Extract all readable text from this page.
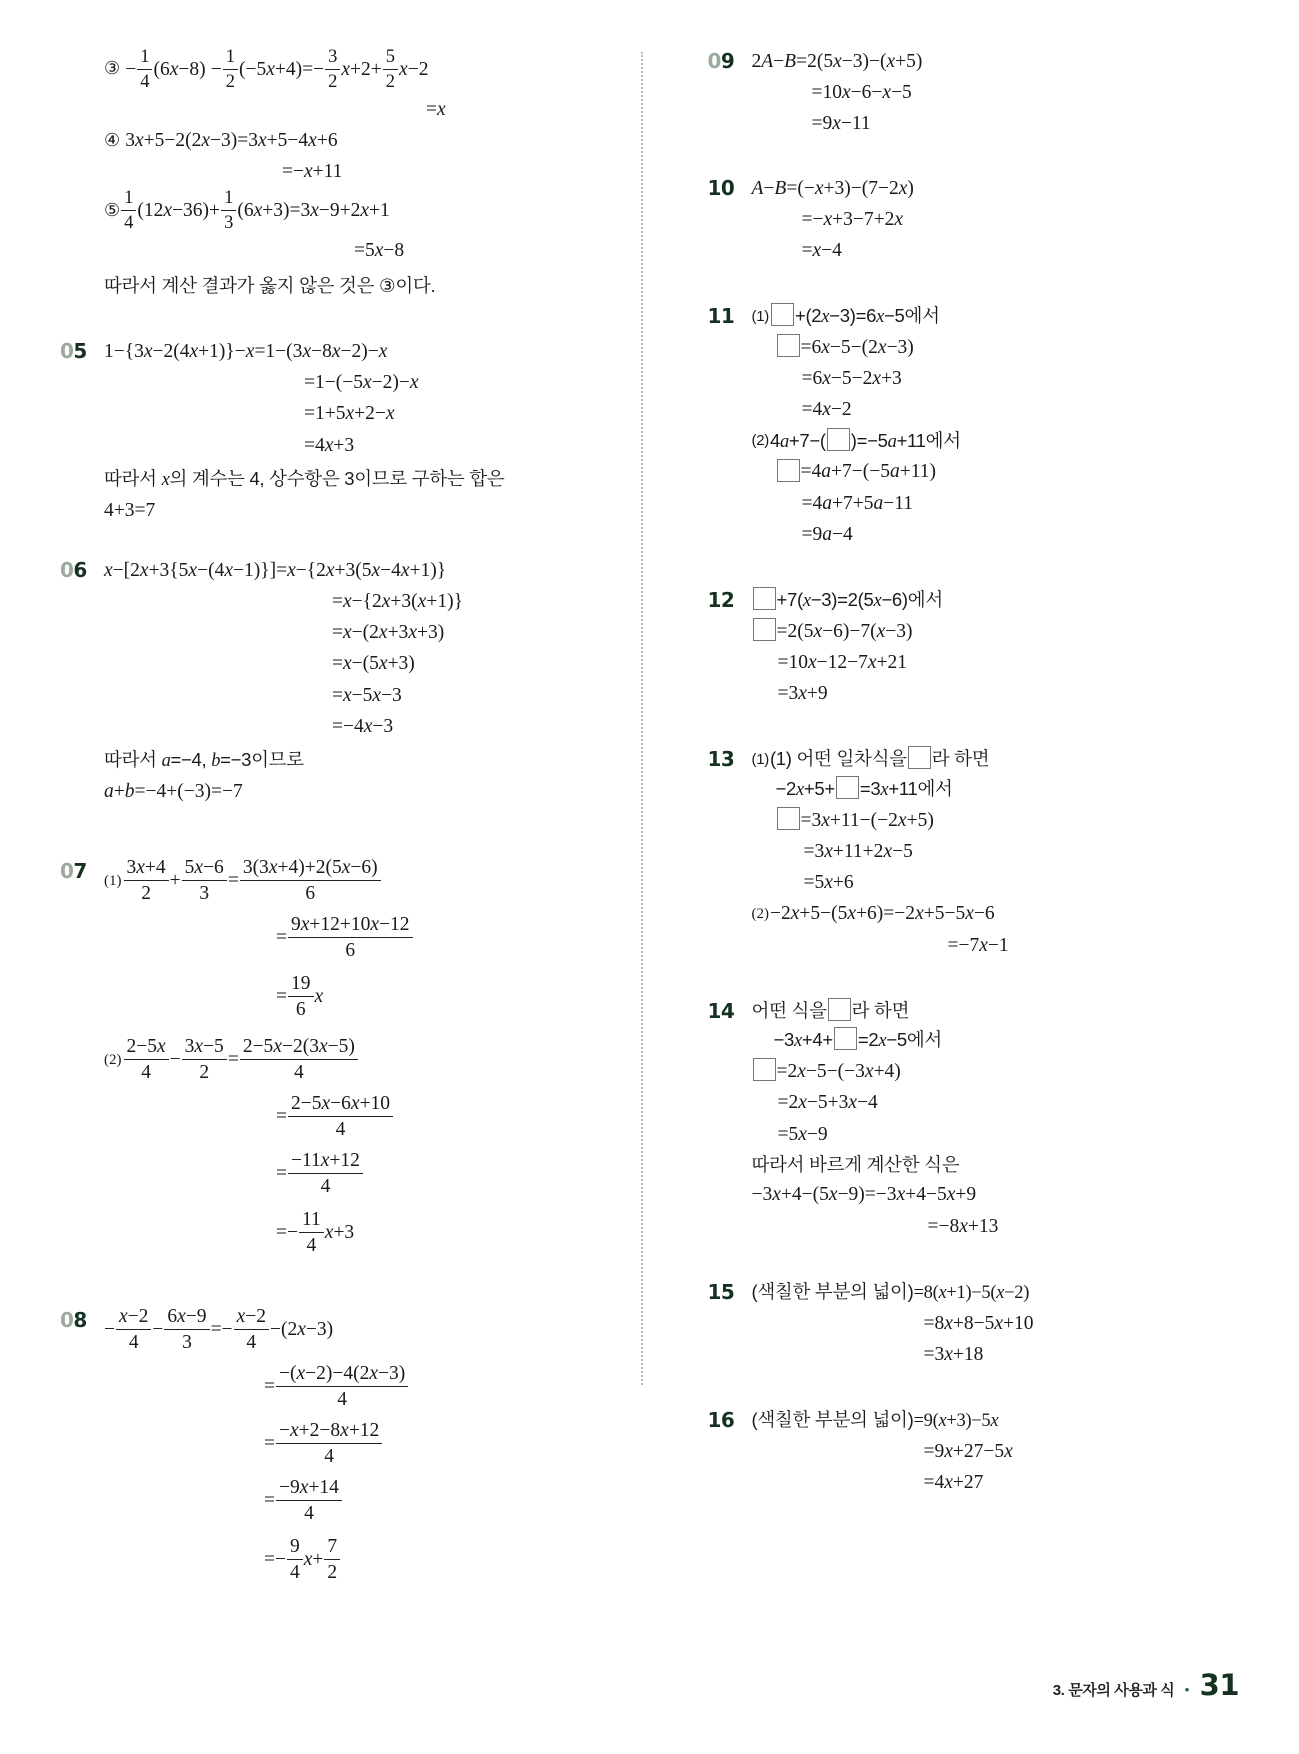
③ − $\frac{1}{4} (6x-8) - \frac{1}{2} (-5x+4)=- \frac{3}{2} x+2+ \frac{5}{2} x-2$
=x
④ 3x+5−2(2x−3)=3x+5−4x+6
=−x+11
⑤ $\frac{1}{4} (12x-36)+ \frac{1}{3} (6x+3)=3x-9+2x+1$
=5x−8
따라서 계산 결과가 옳지 않은 것은 ③이다.
05 1−{3x−2(4x+1)}−x=1−(3x−8x−2)−x
=1−(−5x−2)−x
=1+5x+2−x
=4x+3
따라서 x의 계수는 4, 상수항은 3이므로 구하는 합은
4+3=7
06 x−[2x+3{5x−(4x−1)}]=x−{2x+3(5x−4x+1)}
=x−{2x+3(x+1)}
=x−(2x+3x+3)
=x−(5x+3)
=x−5x−3
=−4x−3
따라서 a=−4, b=−3이므로
a+b=−4+(−3)=−7
07	$(1) \frac{3x+4}{2} + \frac{5x-6}{3} = \frac{3(3x+4)+2(5x-6)}{6}$
= $\frac{9x+12+10x-12}{6}$
= $\frac{19}{6}$ x
$(2) \frac{2-5x}{4} - \frac{3x-5}{2} = \frac{2-5x-2(3x-5)}{4}$
= $\frac{2-5x-6x+10}{4}$
= $\frac{-11x+12}{4}$
=− $\frac{11}{4} x+3$
$08 - \frac{x-2}{4} - \frac{6x-9}{3} =- \frac{x-2}{4} -(2x-3)$
= $\frac{-(x-2)-4(2x-3)}{4}$
= $\frac{-x+2-8x+12}{4}$
= $\frac{-9x+14}{4}$
=− $\frac{9}{4} x+ \frac{7}{2}$
09 2A−B=2(5x−3)−(x+5)
=10x−6−x−5
=9x−11
10 A−B=(−x+3)−(7−2x)
=−x+3−7+2x
=x−4
11	(1) +(2x−3)=6x−5에서
=6x−5−(2x−3)
=6x−5−2x+3
=4x−2
(2)4a+7−( )=−5a+11에서
=4a+7−(−5a+11)
=4a+7+5a−11
=9a−4
12	+7(x−3)=2(5x−6)에서
=2(5x−6)−7(x−3)
=10x−12−7x+21
=3x+9
13	(1)(1) 어떤 일차식을 라 하면
−2x+5+ =3x+11에서
=3x+11−(−2x+5)
=3x+11+2x−5
=5x+6
(2)−2x+5−(5x+6)=−2x+5−5x−6
=−7x−1
14 어떤 식을 라 하면
−3x+4+ =2x−5에서
=2x−5−(−3x+4)
=2x−5+3x−4
=5x−9
따라서 바르게 계산한 식은
−3x+4−(5x−9)=−3x+4−5x+9
=−8x+13
15 (색칠한 부분의 넓이)=8(x+1)−5(x−2)
=8x+8−5x+10
=3x+18
16 (색칠한 부분의 넓이)=9(x+3)−5x
=9x+27−5x
=4x+27
3. 문자의 사용과 식 • 31
